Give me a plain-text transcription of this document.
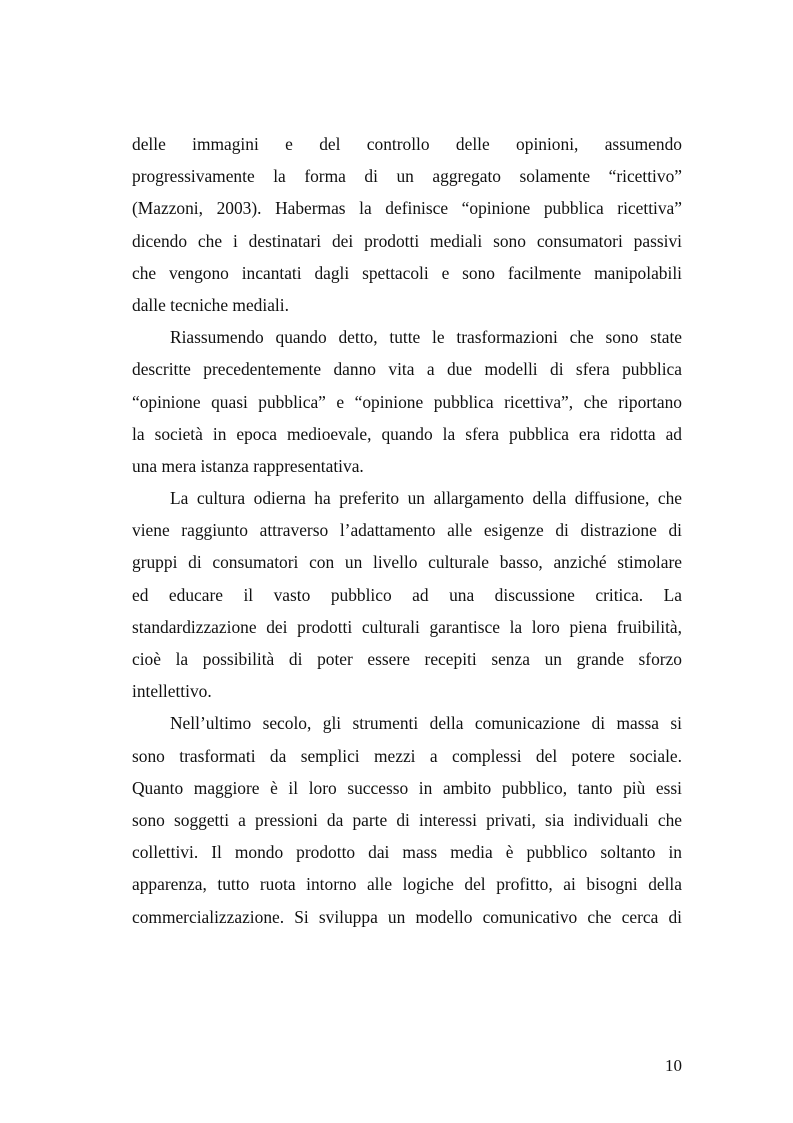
delle immagini e del controllo delle opinioni, assumendo
progressivamente la forma di un aggregato solamente “ricettivo”
(Mazzoni, 2003). Habermas la definisce “opinione pubblica ricettiva”
dicendo che i destinatari dei prodotti mediali sono consumatori passivi
che vengono incantati dagli spettacoli e sono facilmente manipolabili
dalle tecniche mediali.
Riassumendo quando detto, tutte le trasformazioni che sono state
descritte precedentemente danno vita a due modelli di sfera pubblica
“opinione quasi pubblica” e “opinione pubblica ricettiva”, che riportano
la società in epoca medioevale, quando la sfera pubblica era ridotta ad
una mera istanza rappresentativa.
La cultura odierna ha preferito un allargamento della diffusione, che
viene raggiunto attraverso l’adattamento alle esigenze di distrazione di
gruppi di consumatori con un livello culturale basso, anziché stimolare
ed educare il vasto pubblico ad una discussione critica. La
standardizzazione dei prodotti culturali garantisce la loro piena fruibilità,
cioè la possibilità di poter essere recepiti senza un grande sforzo
intellettivo.
Nell’ultimo secolo, gli strumenti della comunicazione di massa si
sono trasformati da semplici mezzi a complessi del potere sociale.
Quanto maggiore è il loro successo in ambito pubblico, tanto più essi
sono soggetti a pressioni da parte di interessi privati, sia individuali che
collettivi. Il mondo prodotto dai mass media è pubblico soltanto in
apparenza, tutto ruota intorno alle logiche del profitto, ai bisogni della
commercializzazione. Si sviluppa un modello comunicativo che cerca di
10
